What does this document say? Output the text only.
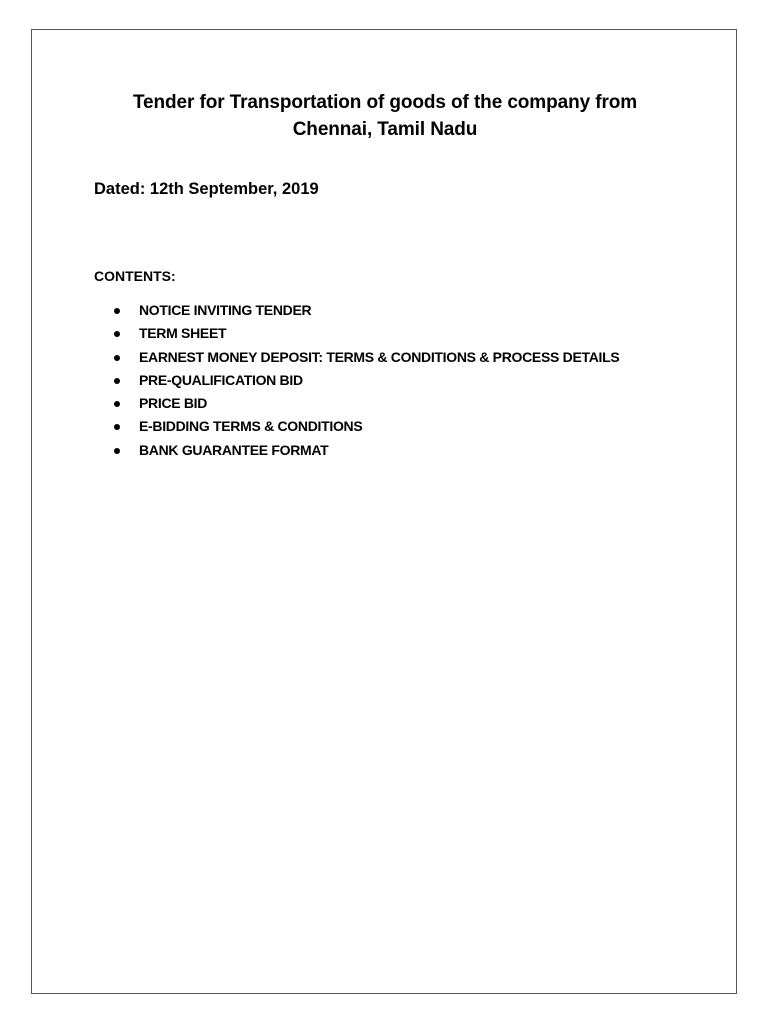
Tender for Transportation of goods of the company from
Chennai, Tamil Nadu
Dated: 12th September, 2019
CONTENTS:
NOTICE INVITING TENDER
TERM SHEET
EARNEST MONEY DEPOSIT: TERMS & CONDITIONS & PROCESS DETAILS
PRE-QUALIFICATION BID
PRICE BID
E-BIDDING TERMS & CONDITIONS
BANK GUARANTEE FORMAT
